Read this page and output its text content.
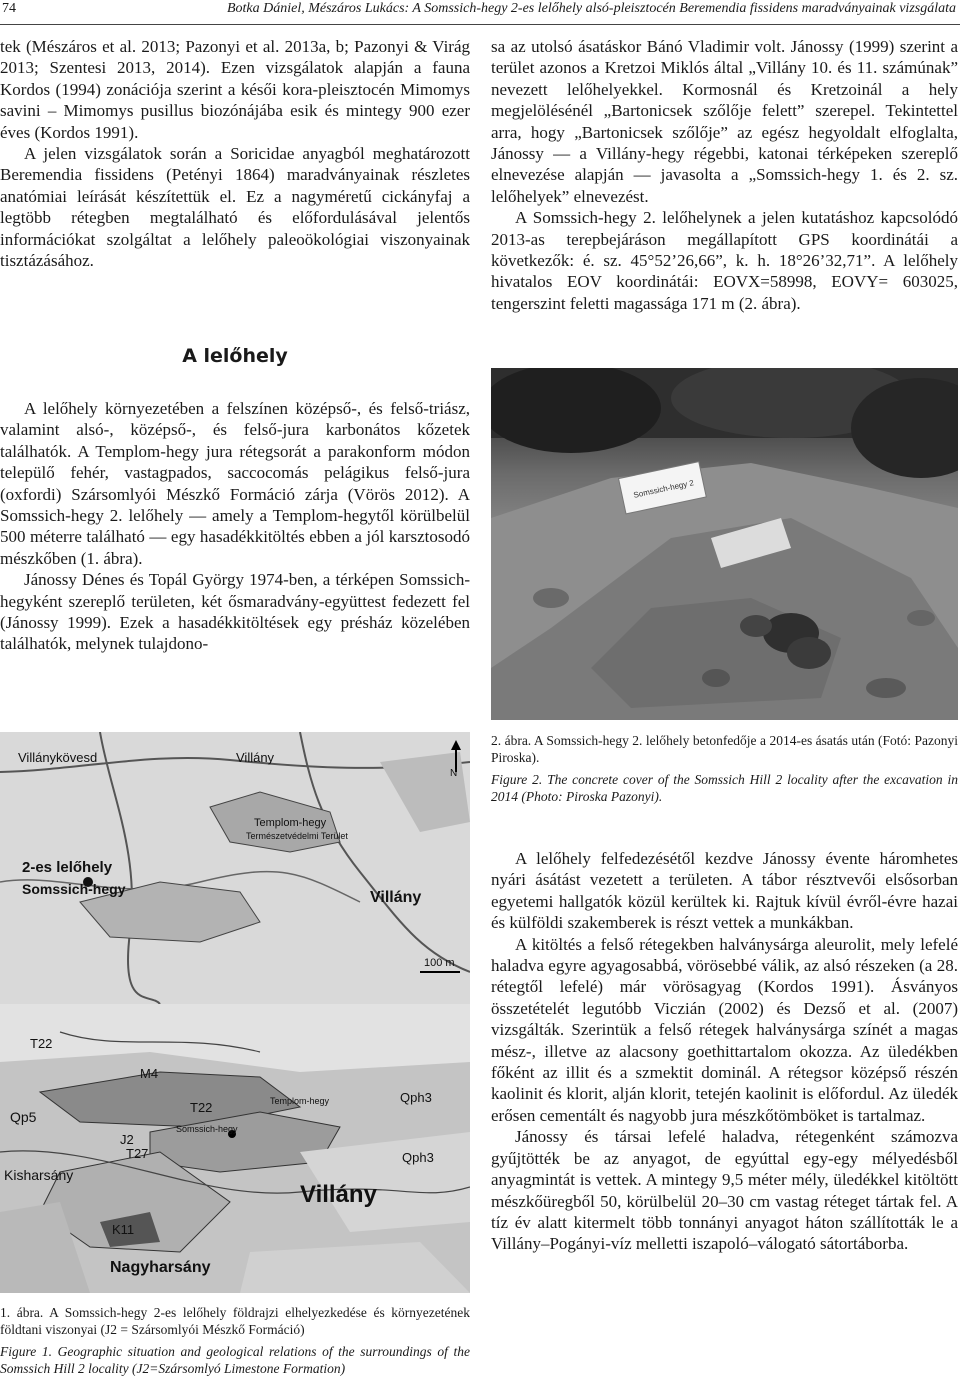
74	Botka Dániel, Mészáros Lukács: A Somssich-hegy 2-es lelőhely alsó-pleisztocén Beremendia fissidens maradványainak vizsgálata

tek (Mészáros et al. 2013; Pazonyi et al. 2013a, b; Pazonyi & Virág 2013; Szentesi 2013, 2014). Ezen vizsgálatok alapján a fauna Kordos (1994) zonációja szerint a késői kora-pleisztocén Mimomys savini – Mimomys pusillus biozónájába esik és mintegy 900 ezer éves (Kordos 1991).

A jelen vizsgálatok során a Soricidae anyagból meghatározott Beremendia fissidens (Petényi 1864) maradványainak részletes anatómiai leírását készítettük el. Ez a nagyméretű cickányfaj a legtöbb rétegben megtalálható és előfordulásával jelentős információkat szolgáltat a lelőhely paleoökológiai viszonyainak tisztázásához.

A lelőhely

A lelőhely környezetében a felszínen középső-, és felső-triász, valamint alsó-, középső-, és felső-jura karbonátos kőzetek találhatók. A Templom-hegy jura rétegsorát a parakonform módon települő fehér, vastagpados, saccocomás pelágikus felső-jura (oxfordi) Szársomlyói Mészkő Formáció zárja (Vörös 2012). A Somssich-hegy 2. lelőhely — amely a Templom-hegytől körülbelül 500 méterre található — egy hasadékkitöltés ebben a jól karsztosodó mészkőben (1. ábra).

Jánossy Dénes és Topál György 1974-ben, a térképen Somssich-hegyként szereplő területen, két ősmaradvány-együttest fedezett fel (Jánossy 1999). Ezek a hasadékkitöltések egy présház közelében találhatók, melynek tulajdono-

sa az utolsó ásatáskor Bánó Vladimir volt. Jánossy (1999) szerint a terület azonos a Kretzoi Miklós által „Villány 10. és 11. számúnak” nevezett lelőhelyekkel. Kormosnál és Kretzoinál a hely megjelölésénél „Bartonicsek szőlője felett” szerepel. Tekintettel arra, hogy „Bartonicsek szőlője” az egész hegyoldalt elfoglalta, Jánossy — a Villány-hegy régebbi, katonai térképeken szereplő elnevezése alapján — javasolta a „Somssich-hegy 1. és 2. sz. lelőhelyek” elnevezést.

A Somssich-hegy 2. lelőhelynek a jelen kutatáshoz kapcsolódó 2013-as terepbejáráson megállapított GPS koordinátái a következők: é. sz. 45°52’26,66”, k. h. 18°26’32,71”. A lelőhely hivatalos EOV koordinátái: EOVX=58998, EOVY= 603025, tengerszint feletti magassága 171 m (2. ábra).

Somssich-hegy 2

2. ábra. A Somssich-hegy 2. lelőhely betonfedője a 2014-es ásatás után (Fotó: Pazonyi Piroska).

Figure 2. The concrete cover of the Somssich Hill 2 locality after the excavation in 2014 (Photo: Piroska Pazonyi).

A lelőhely felfedezésétől kezdve Jánossy évente háromhetes nyári ásátást vezetett a területen. A tábor résztvevői elsősorban egyetemi hallgatók közül kerültek ki. Rajtuk kívül évről-évre hazai és külföldi szakemberek is részt vettek a munkákban.

A kitöltés a felső rétegekben halványsárga aleurolit, mely lefelé haladva egyre agyagosabbá, vörösebbé válik, az alsó részeken (a 28. rétegtől lefelé) már vörösagyag (Kordos 1991). Ásványos összetételét legutóbb Viczián (2002) és Dezső et al. (2007) vizsgálták. Szerintük a felső rétegek halványsárga színét a magas mész-, illetve az alacsony goethittartalom okozza. Az üledékben főként az illit és a szmektit dominál. A rétegsor középső részén kaolinit és klorit, alján klorit, tetején kaolinit is előfordul. Az üledék erősen cementált és nagyobb jura mészkőtömböket is tartalmaz.

Jánossy és társai lefelé haladva, rétegenként számozva gyűjtötték be az anyagot, de egyúttal egy-egy mélyedésből anyagmintát is vettek. A mintegy 9,5 méter mély, üledékkel kitöltött mészkőüregből 50, körülbelül 20–30 cm vastag réteget tártak fel. A tíz év alatt kitermelt több tonnányi anyagot háton szállították le a Villány–Pogányi-víz melletti iszapoló–válogató sátortáborba.

Villánykövesd	Villány
Templom-hegy
Természetvédelmi Terület
2-es lelőhely
Somssich-hegy	Villány
N
100 m
T22
T22
M4
J2
T27
Qp5
Kisharsány
K11
Qph3
Qph3
Villány
Nagyharsány
Templom-hegy
Somssich-hegy

1. ábra. A Somssich-hegy 2-es lelőhely földrajzi elhelyezkedése és környezetének földtani viszonyai (J2 = Szársomlyói Mészkő Formáció)

Figure 1. Geographic situation and geological relations of the surroundings of the Somssich Hill 2 locality (J2=Szársomlyó Limestone Formation)
